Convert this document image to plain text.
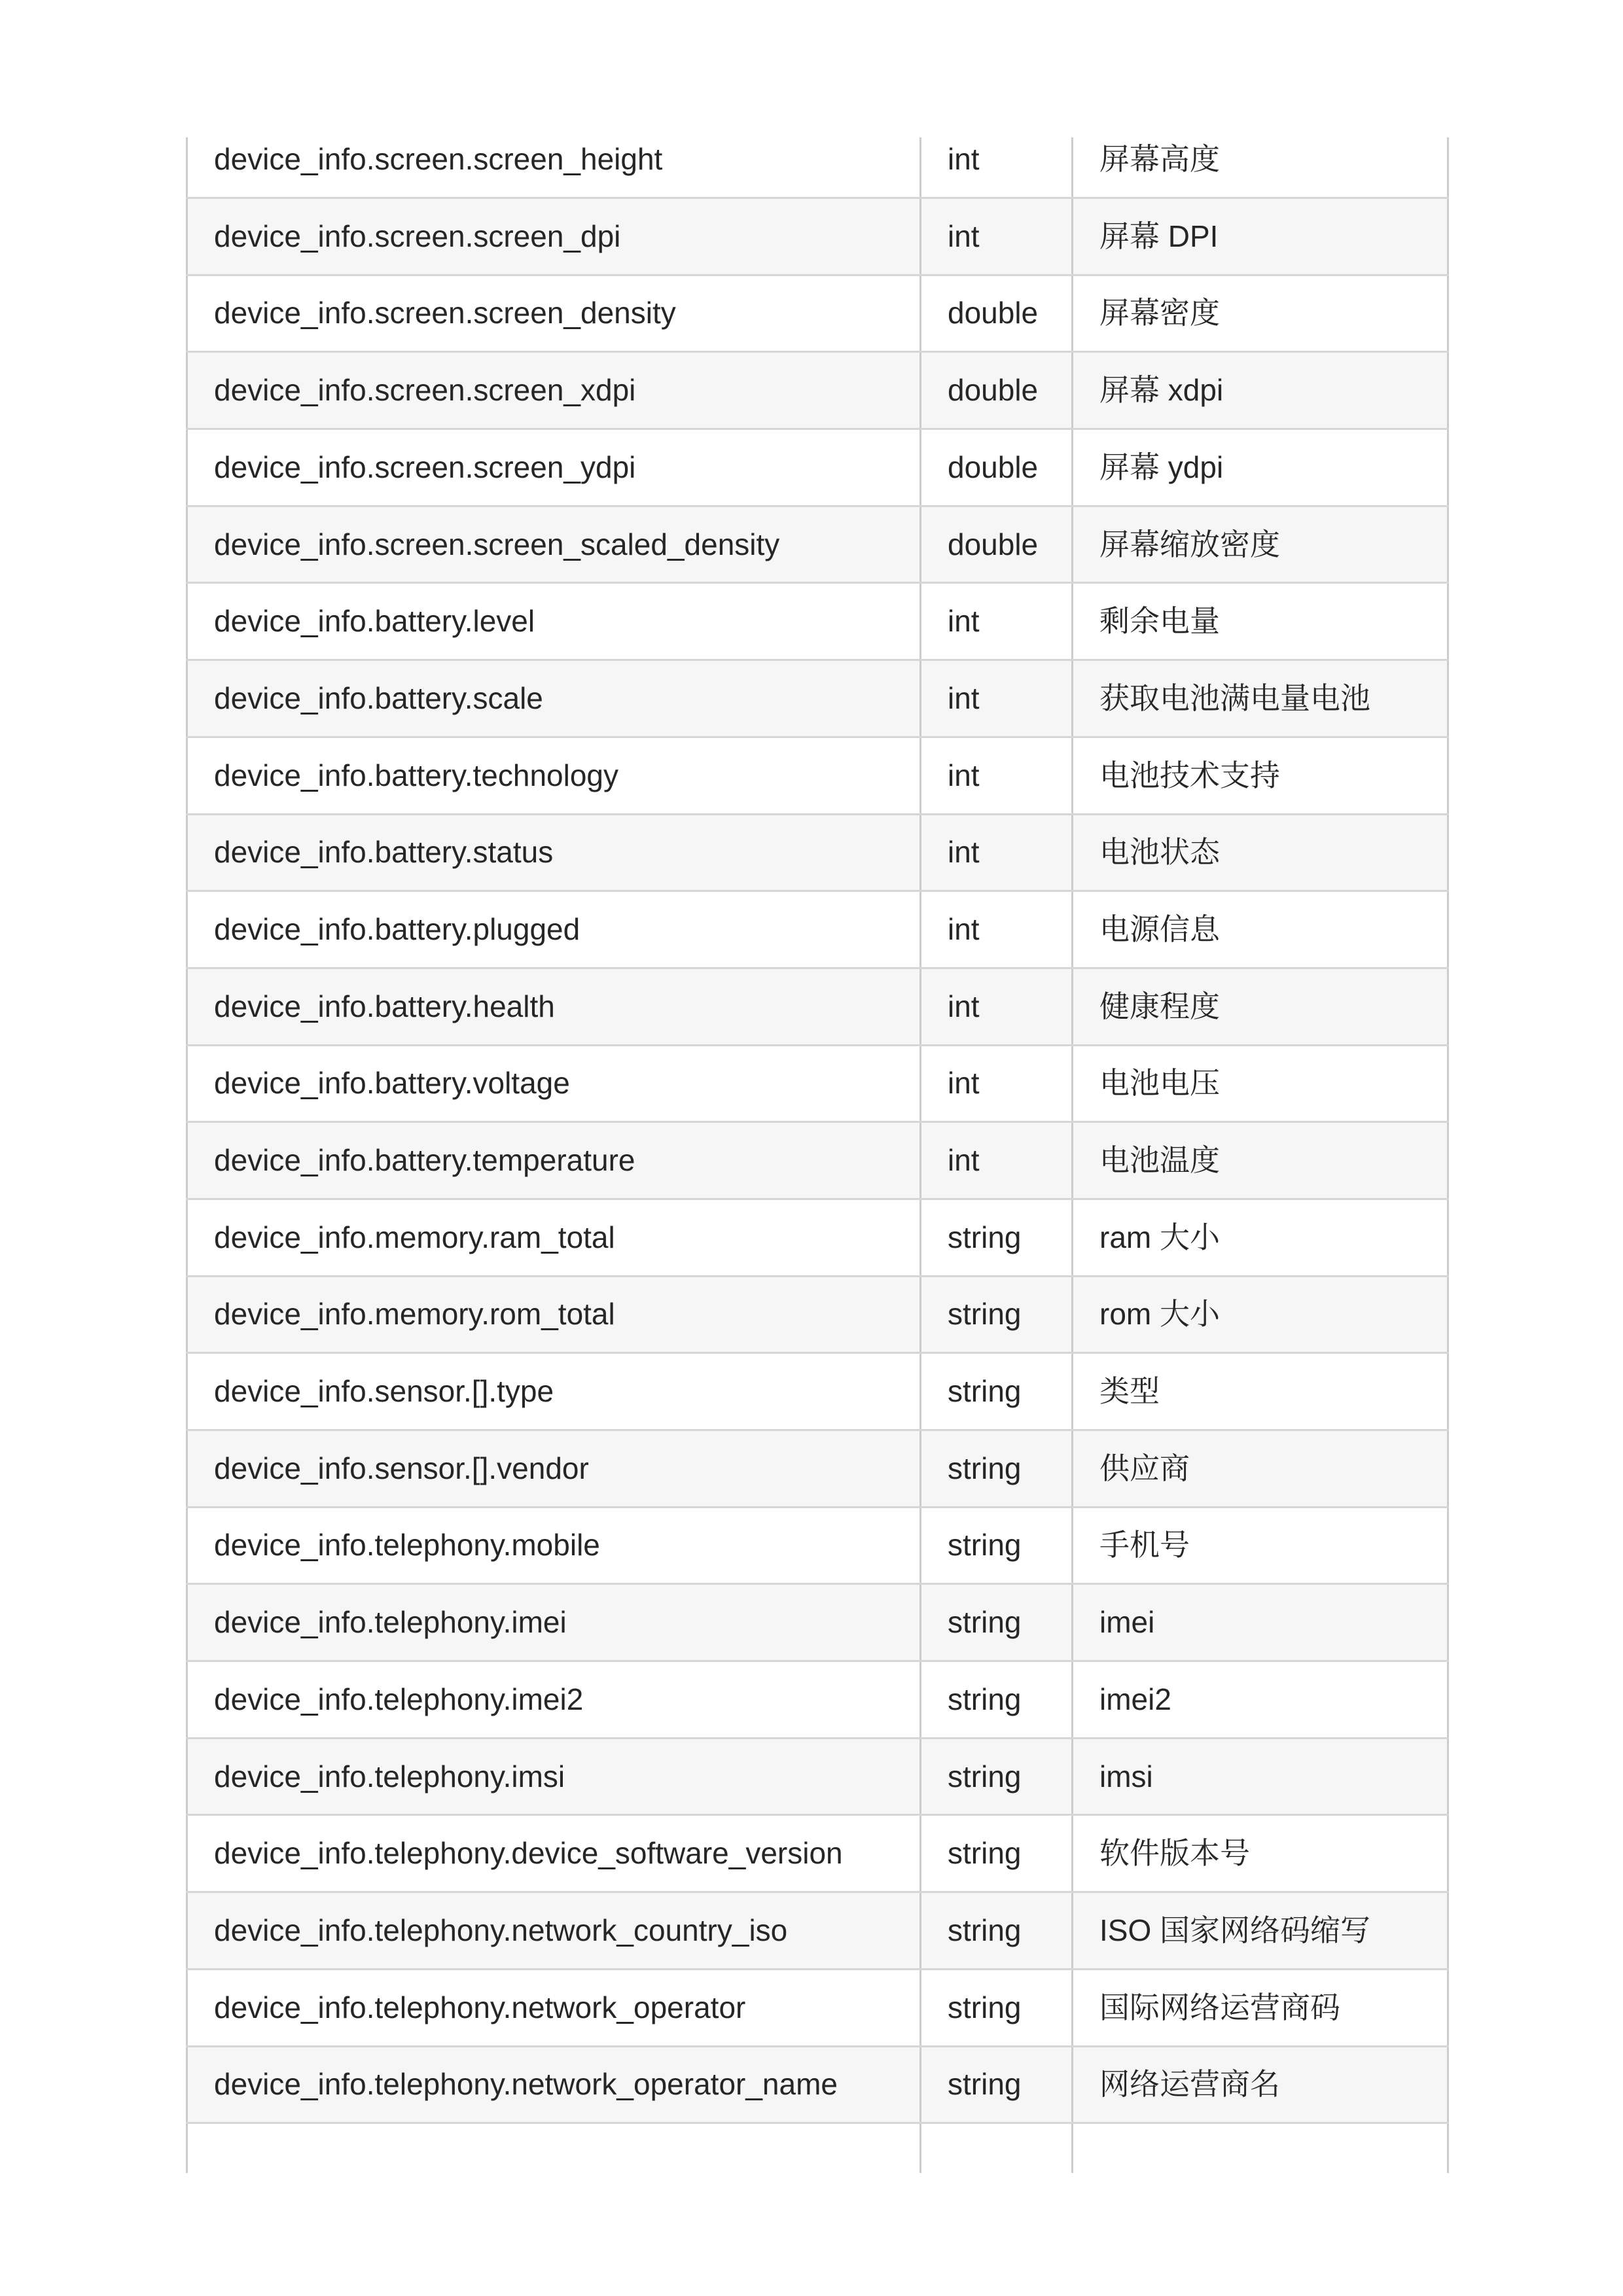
device_info.screen.screen_height	int	屏幕高度
device_info.screen.screen_dpi	int	屏幕 DPI
device_info.screen.screen_density	double	屏幕密度
device_info.screen.screen_xdpi	double	屏幕 xdpi
device_info.screen.screen_ydpi	double	屏幕 ydpi
device_info.screen.screen_scaled_density	double	屏幕缩放密度
device_info.battery.level	int	剩余电量
device_info.battery.scale	int	获取电池满电量电池
device_info.battery.technology	int	电池技术支持
device_info.battery.status	int	电池状态
device_info.battery.plugged	int	电源信息
device_info.battery.health	int	健康程度
device_info.battery.voltage	int	电池电压
device_info.battery.temperature	int	电池温度
device_info.memory.ram_total	string	ram 大小
device_info.memory.rom_total	string	rom 大小
device_info.sensor.[].type	string	类型
device_info.sensor.[].vendor	string	供应商
device_info.telephony.mobile	string	手机号
device_info.telephony.imei	string	imei
device_info.telephony.imei2	string	imei2
device_info.telephony.imsi	string	imsi
device_info.telephony.device_software_version	string	软件版本号
device_info.telephony.network_country_iso	string	ISO 国家网络码缩写
device_info.telephony.network_operator	string	国际网络运营商码
device_info.telephony.network_operator_name	string	网络运营商名
